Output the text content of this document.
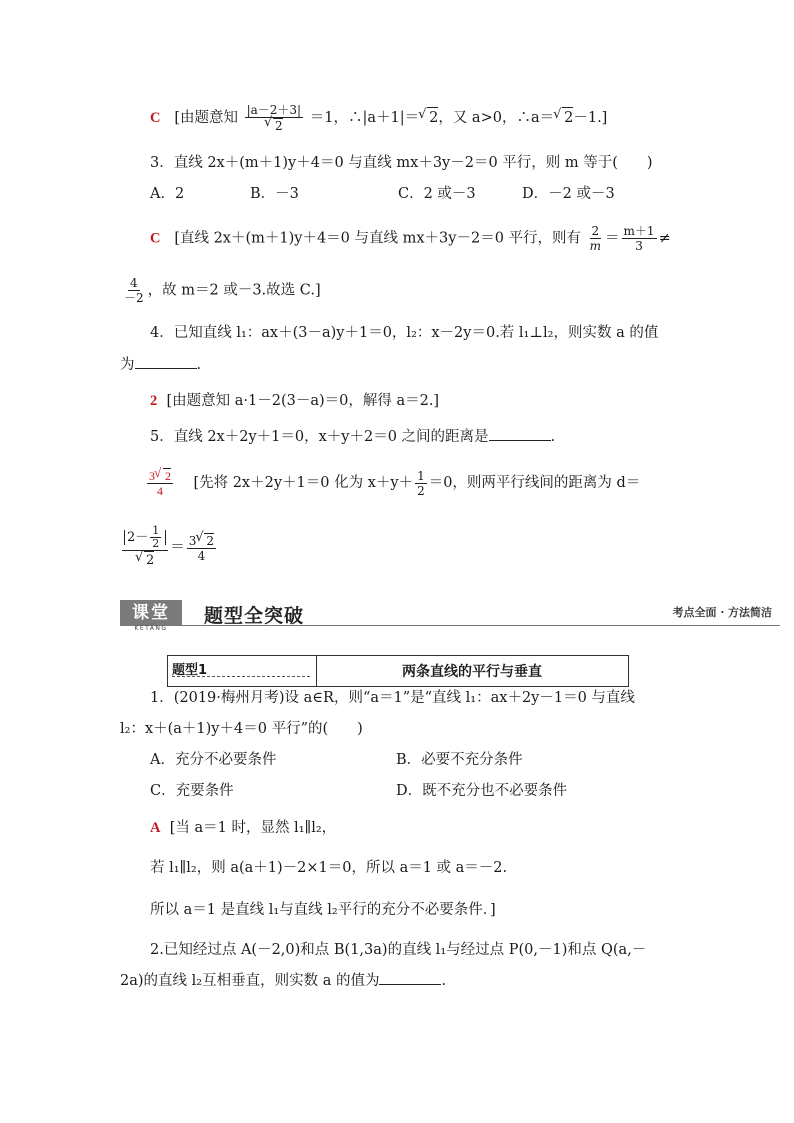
C [由题意知 |a－2＋3|
√ 2 ＝1，∴|a＋1|＝ √ 2，又 a>0，∴a＝ √ 2－1.]
3．直线 2x＋(m＋1)y＋4＝0 与直线 mx＋3y－2＝0 平行，则 m 等于(　　)
A．2	B．－3	C．2 或－3	D．－2 或－3
C [直线 2x＋(m＋1)y＋4＝0 与直线 mx＋3y－2＝0 平行，则有 $\frac{2}{m} = \frac{m+1}{3}$ ≠
$\frac{4}{-2}$ ，故 m＝2 或－3.故选 C.]
4．已知直线 l₁：ax＋(3－a)y＋1＝0，l₂：x－2y＝0.若 l₁⊥l₂，则实数 a 的值
为	.
2 [由题意知 a·1－2(3－a)＝0，解得 a＝2.]
5．直线 2x＋2y＋1＝0，x＋y＋2＝0 之间的距离是	.
$\frac{3 √ 2}{4}$ [先将 2x＋2y＋1＝0 化为 $x+y+ \frac{1}{2} =0$，则两平行线间的距离为 d＝
$2- \frac{1}{2}$
√ $2 = \frac{3 √ 2}{4}$
课堂
KETANG
题型全突破	考点全面 · 方法简洁
题型1	两条直线的平行与垂直
1．(2019·梅州月考)设 a∈R，则“a＝1”是“直线 l₁：ax＋2y－1＝0 与直线
l₂：x＋(a＋1)y＋4＝0 平行”的(　　)
A．充分不必要条件	B．必要不充分条件
C．充要条件	D．既不充分也不必要条件
A [当 a＝1 时，显然 l₁∥l₂，
若 l₁∥l₂，则 a(a＋1)－2×1＝0，所以 a＝1 或 a＝－2.
所以 a＝1 是直线 l₁与直线 l₂平行的充分不必要条件．]
2.已知经过点 A(－2,0)和点 B(1,3a)的直线 l₁与经过点 P(0,－1)和点 Q(a,－
2a)的直线 l₂互相垂直，则实数 a 的值为	.
